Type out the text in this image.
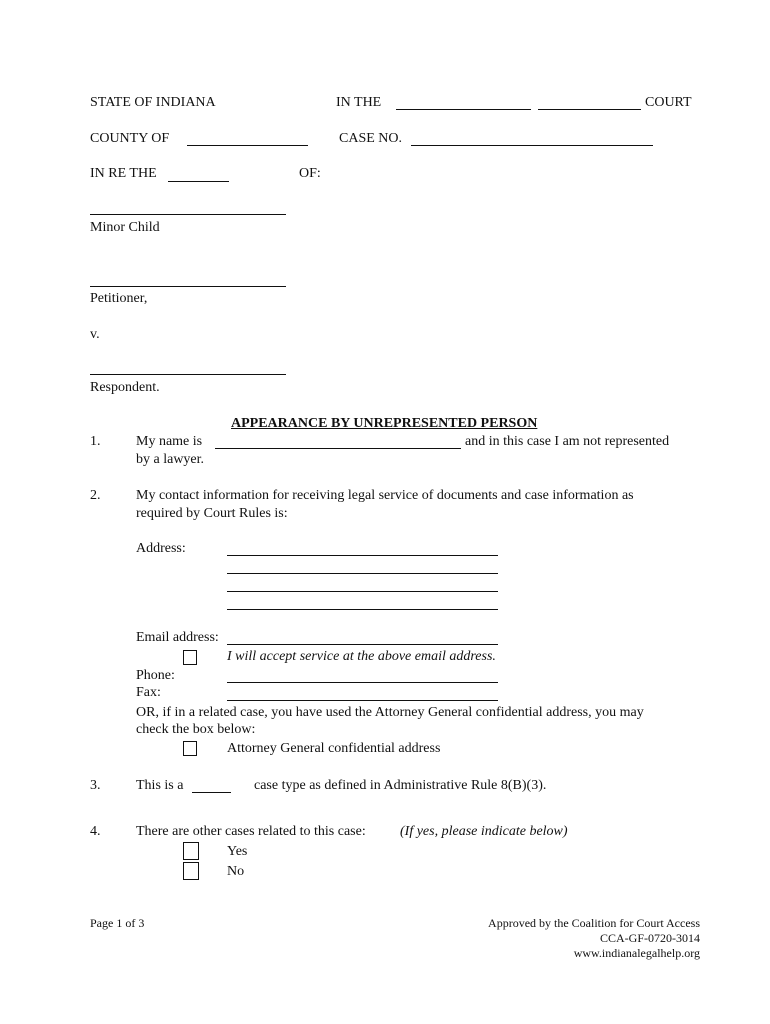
STATE OF INDIANA	IN THE	COURT
COUNTY OF	CASE NO.
IN RE THE	OF:
Minor Child
Petitioner,
v.
Respondent.
APPEARANCE BY UNREPRESENTED PERSON
1.	My name is	and in this case I am not represented
by a lawyer.
2.	My contact information for receiving legal service of documents and case information as
required by Court Rules is:
Address:
Email address:
I will accept service at the above email address.
Phone:
Fax:
OR, if in a related case, you have used the Attorney General confidential address, you may
check the box below:
Attorney General confidential address
3.	This is a	case type as defined in Administrative Rule 8(B)(3).
4.	There are other cases related to this case: (If yes, please indicate below)
Yes
No
Page 1 of 3	Approved by the Coalition for Court Access
CCA-GF-0720-3014
www.indianalegalhelp.org
